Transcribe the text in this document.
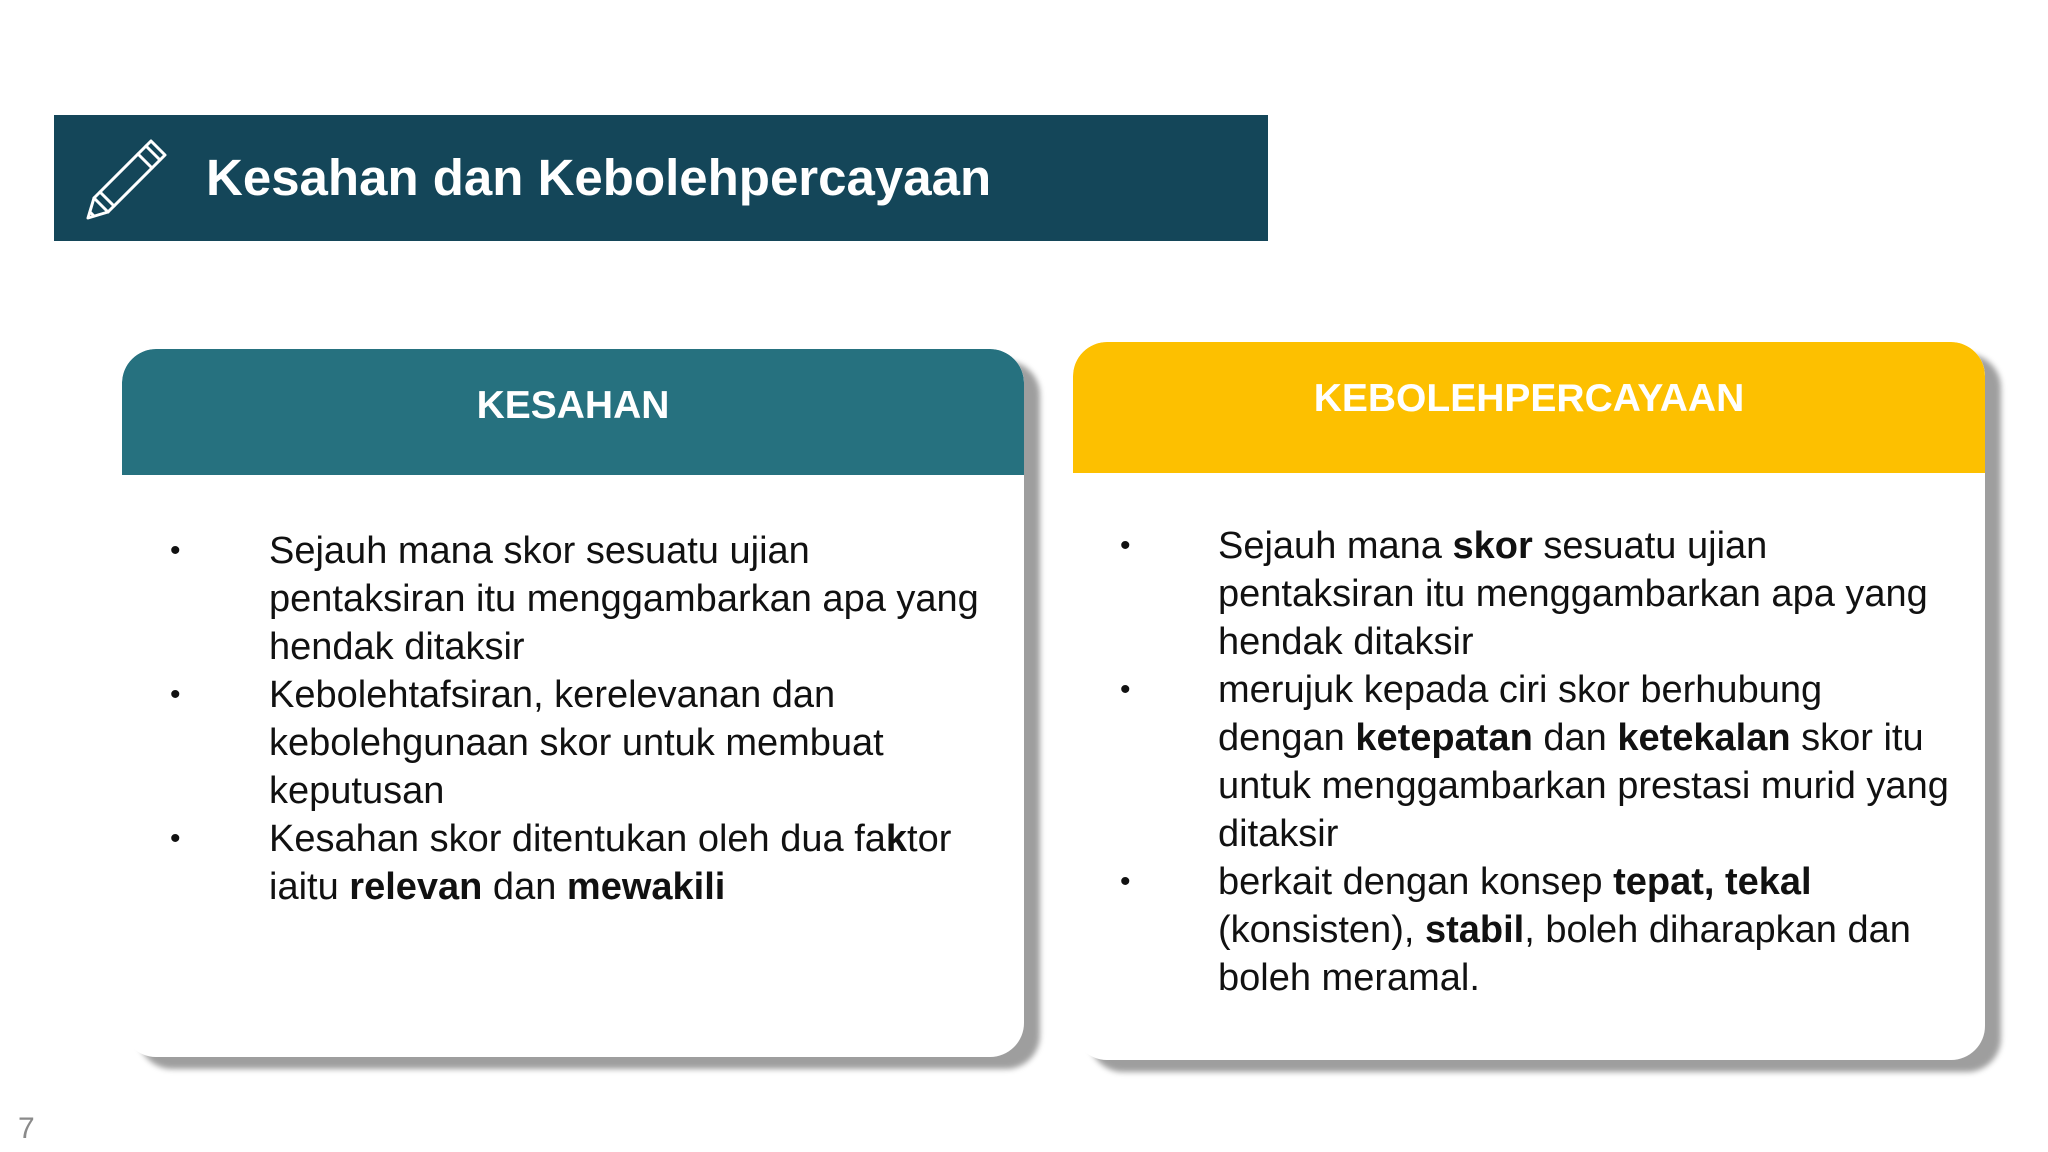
Kesahan dan Kebolehpercayaan
KESAHAN
• Sejauh mana skor sesuatu ujian pentaksiran itu menggambarkan apa yang hendak ditaksir
• Kebolehtafsiran, kerelevanan dan kebolehgunaan skor untuk membuat keputusan
• Kesahan skor ditentukan oleh dua faktor iaitu relevan dan mewakili
KEBOLEHPERCAYAAN
• Sejauh mana skor sesuatu ujian pentaksiran itu menggambarkan apa yang hendak ditaksir
• merujuk kepada ciri skor berhubung dengan ketepatan dan ketekalan skor itu untuk menggambarkan prestasi murid yang ditaksir
• berkait dengan konsep tepat, tekal (konsisten), stabil, boleh diharapkan dan boleh meramal.
7
